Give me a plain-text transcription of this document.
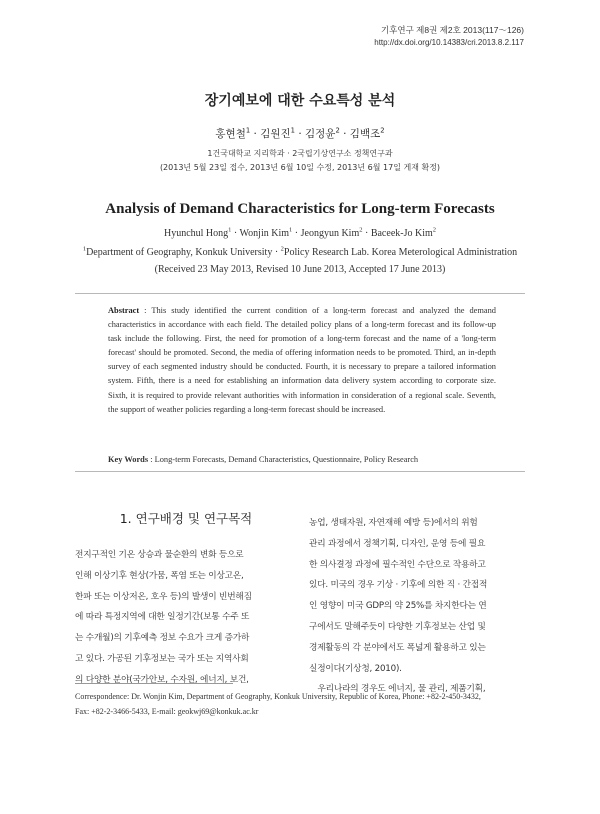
기후연구 제8권 제2호 2013(117～126)
http://dx.doi.org/10.14383/cri.2013.8.2.117
장기예보에 대한 수요특성 분석
홍현철$^1$ · 김원진$^1$ · 김정윤$^2$ · 김백조$^2$
1건국대학교 지리학과 · 2국립기상연구소 정책연구과
(2013년 5월 23일 접수, 2013년 6월 10일 수정, 2013년 6월 17일 게재 확정)
Analysis of Demand Characteristics for Long-term Forecasts
Hyunchul Hong$^1$ · Wonjin Kim$^1$ · Jeongyun Kim$^2$ · Baceek-Jo Kim$^2$
$^1$Department of Geography, Konkuk University · $^2$Policy Research Lab. Korea Meterological Administration
(Received 23 May 2013, Revised 10 June 2013, Accepted 17 June 2013)
Abstract : This study identified the current condition of a long-term forecast and analyzed the demand characteristics in accordance with each field. The detailed policy plans of a long-term forecast and its follow-up task include the following. First, the need for promotion of a long-term forecast and the name of a 'long-term forecast' should be promoted. Second, the media of offering information needs to be promoted. Third, an in-depth survey of each segmented industry should be conducted. Fourth, it is necessary to prepare a tailored information system. Fifth, there is a need for establishing an information data delivery system according to corporate size. Sixth, it is required to provide relevant authorities with information in consideration of a regional scale. Seventh, the support of weather policies regarding a long-term forecast should be increased.
Key Words : Long-term Forecasts, Demand Characteristics, Questionnaire, Policy Research
1. 연구배경 및 연구목적
전지구적인 기온 상승과 물순환의 변화 등으로
인해 이상기후 현상(가뭄, 폭염 또는 이상고온,
한파 또는 이상저온, 호우 등)의 발생이 빈번해짐
에 따라 특정지역에 대한 일정기간(보통 수주 또
는 수개월)의 기후예측 정보 수요가 크게 증가하
고 있다. 가공된 기후정보는 국가 또는 지역사회
의 다양한 분야(국가안보, 수자원, 에너지, 보건,
농업, 생태자원, 자연재해 예방 등)에서의 위험
관리 과정에서 정책기획, 디자인, 운영 등에 필요
한 의사결정 과정에 필수적인 수단으로 작용하고
있다. 미국의 경우 기상 · 기후에 의한 직 · 간접적
인 영향이 미국 GDP의 약 25%를 차지한다는 연
구에서도 말해주듯이 다양한 기후정보는 산업 및
경제활동의 각 분야에서도 폭넓게 활용하고 있는
실정이다(기상청, 2010).
　우리나라의 경우도 에너지, 물 관리, 제품기획,
Correspondence: Dr. Wonjin Kim, Department of Geography, Konkuk University, Republic of Korea, Phone: +82-2-450-3432,
Fax: +82-2-3466-5433, E-mail: geokwj69@konkuk.ac.kr
